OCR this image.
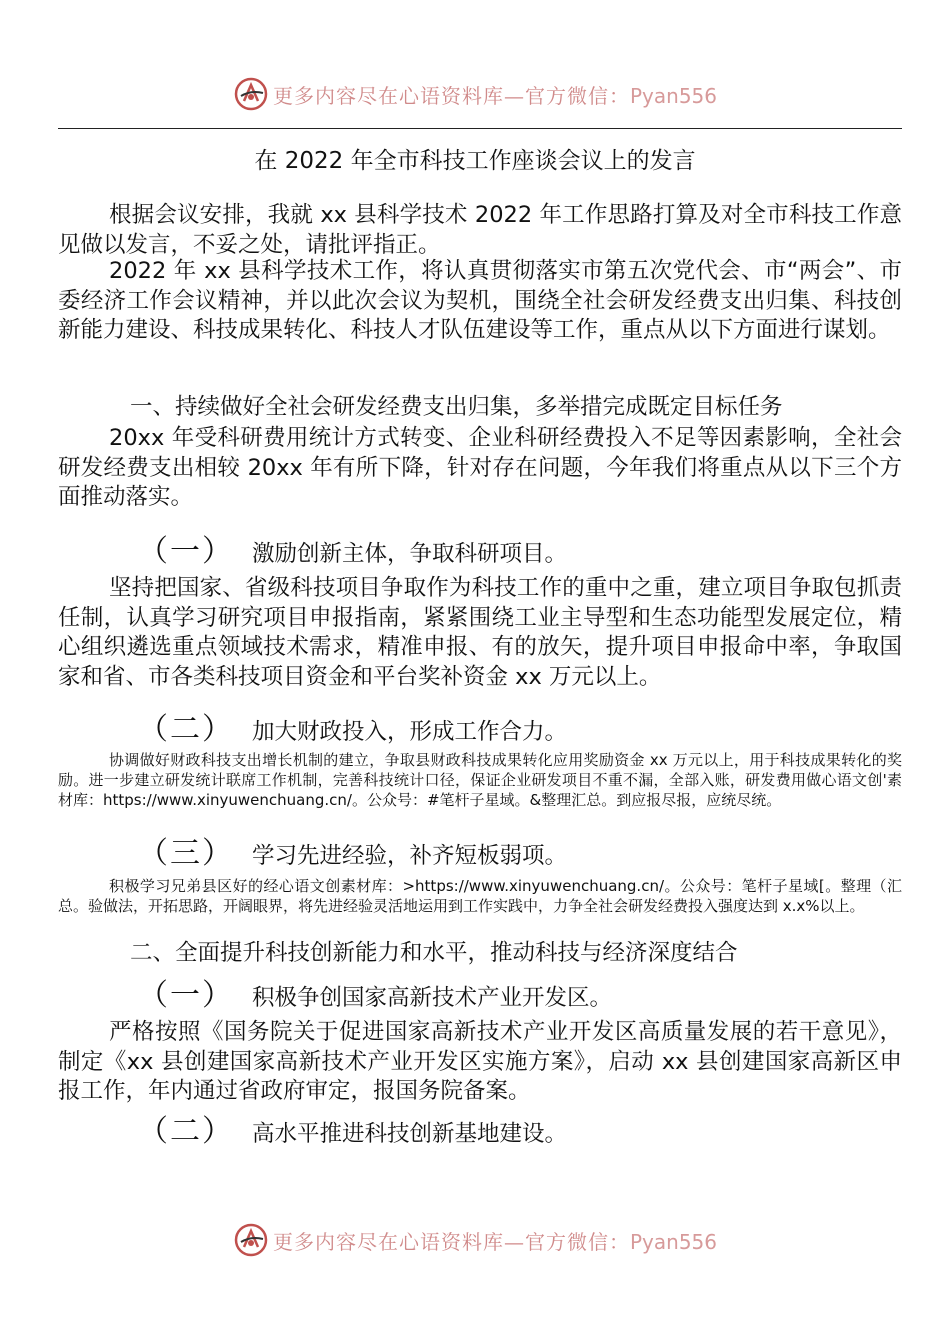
更多内容尽在心语资料库—官方微信：Pyan556
在 2022 年全市科技工作座谈会议上的发言

根据会议安排，我就 xx 县科学技术 2022 年工作思路打算及对全市科技工作意见做以发言，不妥之处，请批评指正。

2022 年 xx 县科学技术工作，将认真贯彻落实市第五次党代会、市“两会”、市委经济工作会议精神，并以此次会议为契机，围绕全社会研发经费支出归集、科技创新能力建设、科技成果转化、科技人才队伍建设等工作，重点从以下方面进行谋划。

一、持续做好全社会研发经费支出归集，多举措完成既定目标任务

20xx 年受科研费用统计方式转变、企业科研经费投入不足等因素影响，全社会研发经费支出相较 20xx 年有所下降，针对存在问题，今年我们将重点从以下三个方面推动落实。

（一） 激励创新主体，争取科研项目。

坚持把国家、省级科技项目争取作为科技工作的重中之重，建立项目争取包抓责任制，认真学习研究项目申报指南，紧紧围绕工业主导型和生态功能型发展定位，精心组织遴选重点领域技术需求，精准申报、有的放矢，提升项目申报命中率，争取国家和省、市各类科技项目资金和平台奖补资金 xx 万元以上。

（二） 加大财政投入，形成工作合力。

协调做好财政科技支出增长机制的建立，争取县财政科技成果转化应用奖励资金 xx 万元以上，用于科技成果转化的奖励。进一步建立研发统计联席工作机制，完善科技统计口径，保证企业研发项目不重不漏，全部入账，研发费用做心语文创'素材库：https://www.xinyuwenchuang.cn/。公众号：#笔杆子星域。&整理汇总。到应报尽报，应统尽统。

（三） 学习先进经验，补齐短板弱项。

积极学习兄弟县区好的经心语文创素材库：>https://www.xinyuwenchuang.cn/。公众号：笔杆子星域[。整理（汇总。验做法，开拓思路，开阔眼界，将先进经验灵活地运用到工作实践中，力争全社会研发经费投入强度达到 x.x%以上。

二、全面提升科技创新能力和水平，推动科技与经济深度结合
（一） 积极争创国家高新技术产业开发区。

严格按照《国务院关于促进国家高新技术产业开发区高质量发展的若干意见》，制定《xx 县创建国家高新技术产业开发区实施方案》，启动 xx 县创建国家高新区申报工作，年内通过省政府审定，报国务院备案。

（二） 高水平推进科技创新基地建设。
更多内容尽在心语资料库—官方微信：Pyan556
